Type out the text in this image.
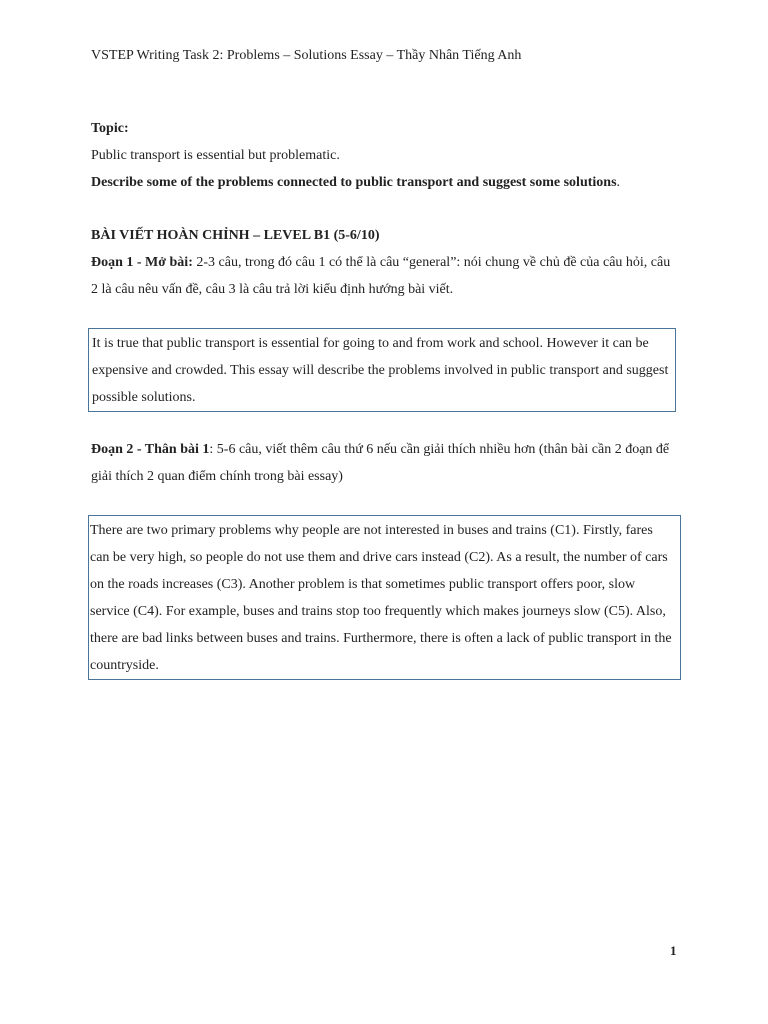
VSTEP Writing Task 2: Problems – Solutions Essay – Thầy Nhân Tiếng Anh
Topic:
Public transport is essential but problematic.
Describe some of the problems connected to public transport and suggest some solutions.
BÀI VIẾT HOÀN CHỈNH – LEVEL B1 (5-6/10)
Đoạn 1 - Mở bài: 2-3 câu, trong đó câu 1 có thể là câu “general”: nói chung về chủ đề của câu hỏi, câu 2 là câu nêu vấn đề, câu 3 là câu trả lời kiểu định hướng bài viết.
It is true that public transport is essential for going to and from work and school. However it can be expensive and crowded. This essay will describe the problems involved in public transport and suggest possible solutions.
Đoạn 2 - Thân bài 1: 5-6 câu, viết thêm câu thứ 6 nếu cần giải thích nhiều hơn (thân bài cần 2 đoạn để giải thích 2 quan điểm chính trong bài essay)
There are two primary problems why people are not interested in buses and trains (C1). Firstly, fares can be very high, so people do not use them and drive cars instead (C2). As a result, the number of cars on the roads increases (C3). Another problem is that sometimes public transport offers poor, slow service (C4). For example, buses and trains stop too frequently which makes journeys slow (C5). Also, there are bad links between buses and trains. Furthermore, there is often a lack of public transport in the countryside.
1
